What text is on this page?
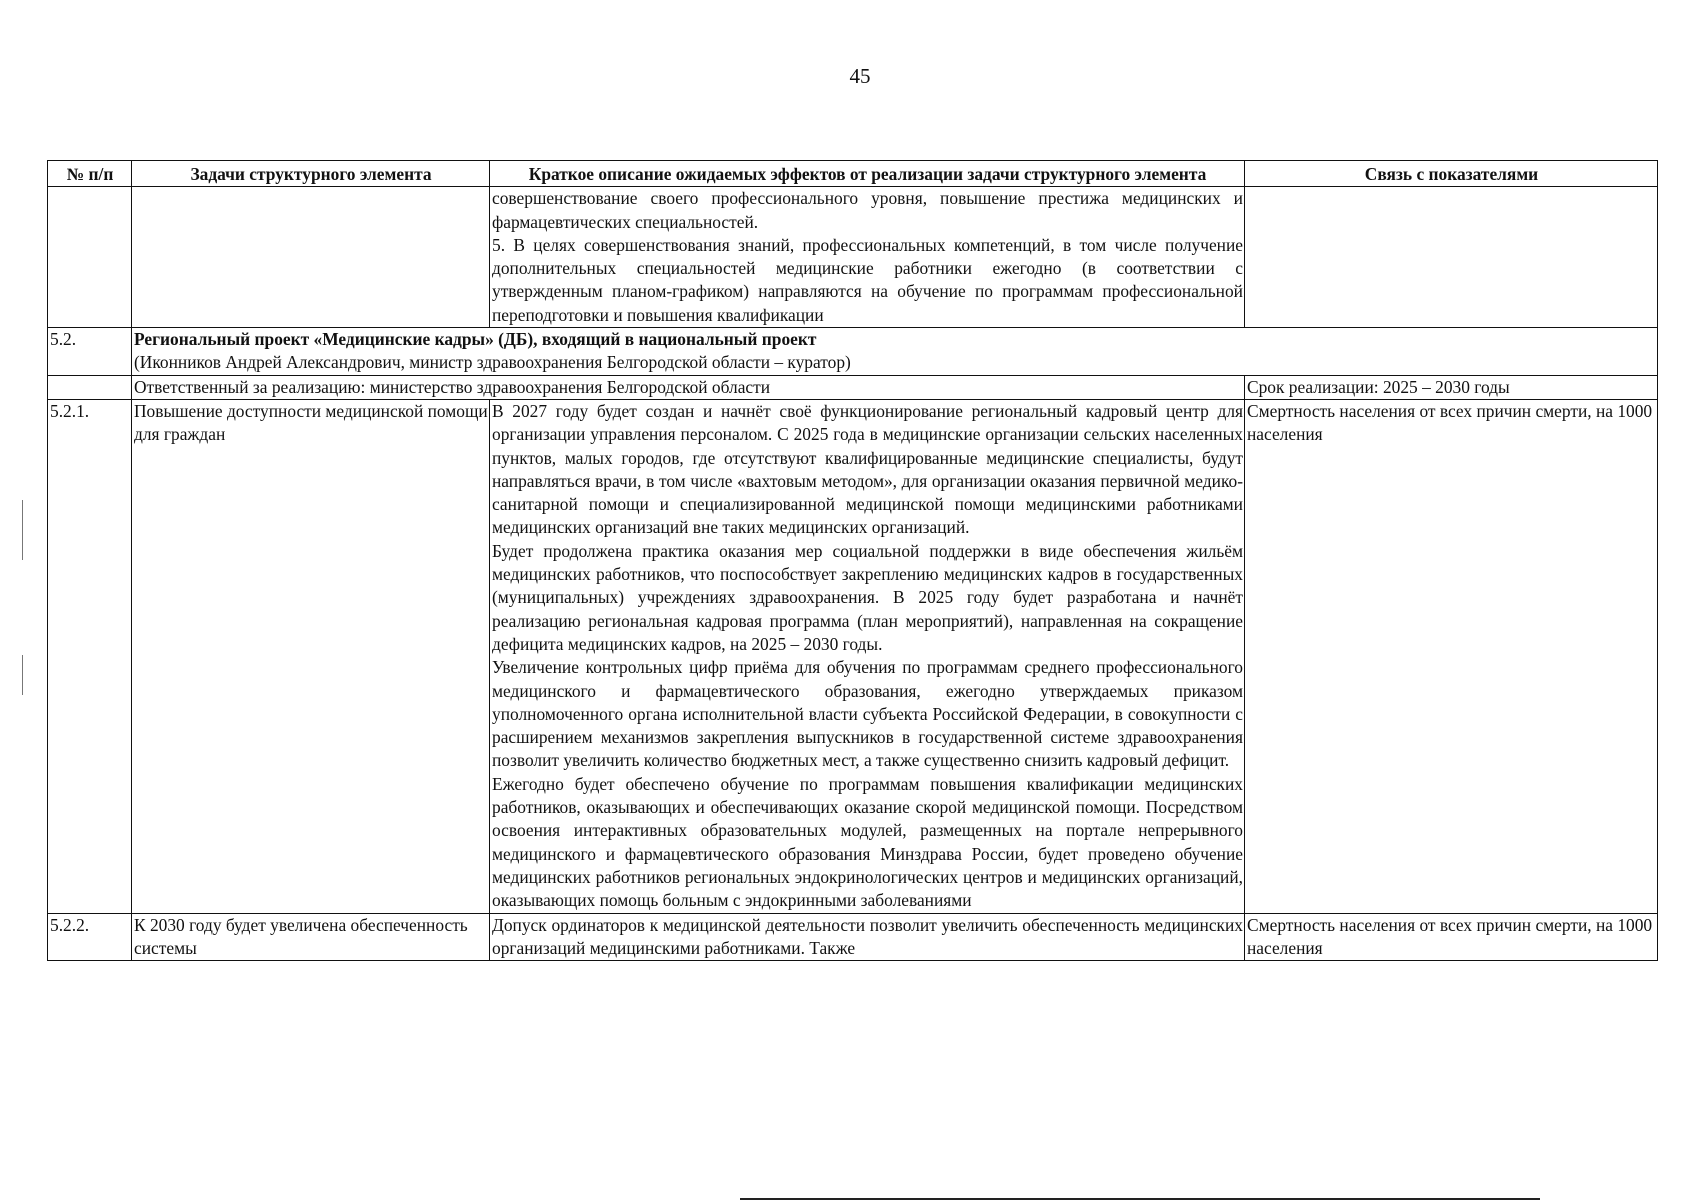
45
№ п/п	Задачи структурного элемента	Краткое описание ожидаемых эффектов от реализации задачи структурного элемента	Связь с показателями

		совершенствование своего профессионального уровня, повышение престижа медицинских и фармацевтических специальностей.
5. В целях совершенствования знаний, профессиональных компетенций, в том числе получение дополнительных специальностей медицинские работники ежегодно (в соответствии с утвержденным планом-графиком) направляются на обучение по программам профессиональной переподготовки и повышения квалификации	

5.2.	Региональный проект «Медицинские кадры» (ДБ), входящий в национальный проект
(Иконников Андрей Александрович, министр здравоохранения Белгородской области – куратор)		

	Ответственный за реализацию: министерство здравоохранения Белгородской области		Срок реализации: 2025 – 2030 годы
5.2.1.	Повышение доступности медицинской помощи для граждан	В 2027 году будет создан и начнёт своё функционирование региональный кадровый центр для организации управления персоналом. С 2025 года в медицинские организации сельских населенных пунктов, малых городов, где отсутствуют квалифицированные медицинские специалисты, будут направляться врачи, в том числе «вахтовым методом», для организации оказания первичной медико-санитарной помощи и специализированной медицинской помощи медицинскими работниками медицинских организаций вне таких медицинских организаций.
Будет продолжена практика оказания мер социальной поддержки в виде обеспечения жильём медицинских работников, что поспособствует закреплению медицинских кадров в государственных (муниципальных) учреждениях здравоохранения. В 2025 году будет разработана и начнёт реализацию региональная кадровая программа (план мероприятий), направленная на сокращение дефицита медицинских кадров, на 2025 – 2030 годы.
Увеличение контрольных цифр приёма для обучения по программам среднего профессионального медицинского и фармацевтического образования, ежегодно утверждаемых приказом уполномоченного органа исполнительной власти субъекта Российской Федерации, в совокупности с расширением механизмов закрепления выпускников в государственной системе здравоохранения позволит увеличить количество бюджетных мест, а также существенно снизить кадровый дефицит.
Ежегодно будет обеспечено обучение по программам повышения квалификации медицинских работников, оказывающих и обеспечивающих оказание скорой медицинской помощи. Посредством освоения интерактивных образовательных модулей, размещенных на портале непрерывного медицинского и фармацевтического образования Минздрава России, будет проведено обучение медицинских работников региональных эндокринологических центров и медицинских организаций, оказывающих помощь больным с эндокринными заболеваниями	Смертность населения от всех причин смерти, на 1000 населения
5.2.2.	К 2030 году будет увеличена обеспеченность системы	Допуск ординаторов к медицинской деятельности позволит увеличить обеспеченность медицинских организаций медицинскими работниками. Также	Смертность населения от всех причин смерти, на 1000 населения
